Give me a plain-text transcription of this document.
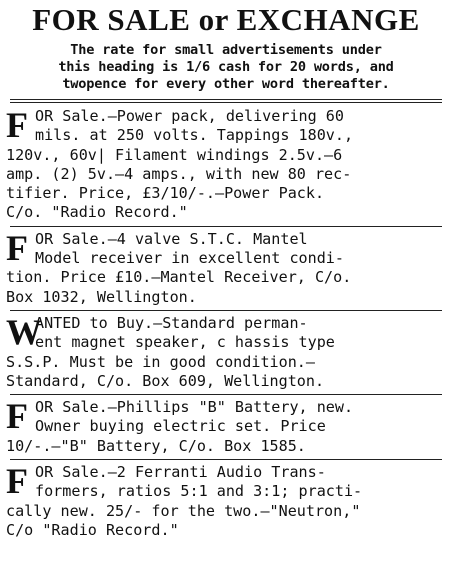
FOR SALE or EXCHANGE
The rate for small advertisements under
this heading is 1/6 cash for 20 words, and
twopence for every other word thereafter.
F OR Sale.—Power pack, delivering 60
mils. at 250 volts. Tappings 180v.,
120v., 60v| Filament windings 2.5v.—6
amp. (2) 5v.—4 amps., with new 80 rec-
tifier. Price, £3/10/-.—Power Pack.
C/o. "Radio Record."
F OR Sale.—4 valve S.T.C. Mantel
Model receiver in excellent condi-
tion. Price £10.—Mantel Receiver, C/o.
Box 1032, Wellington.
W
ANTED to Buy.—Standard perman-
ent magnet speaker, c hassis type
S.S.P. Must be in good condition.—
Standard, C/o. Box 609, Wellington.
F OR Sale.—Phillips "B" Battery, new.
Owner buying electric set. Price
10/-.—"B" Battery, C/o. Box 1585.
F OR Sale.—2 Ferranti Audio Trans-
formers, ratios 5:1 and 3:1; practi-
cally new. 25/- for the two.—"Neutron,"
C/o "Radio Record."
